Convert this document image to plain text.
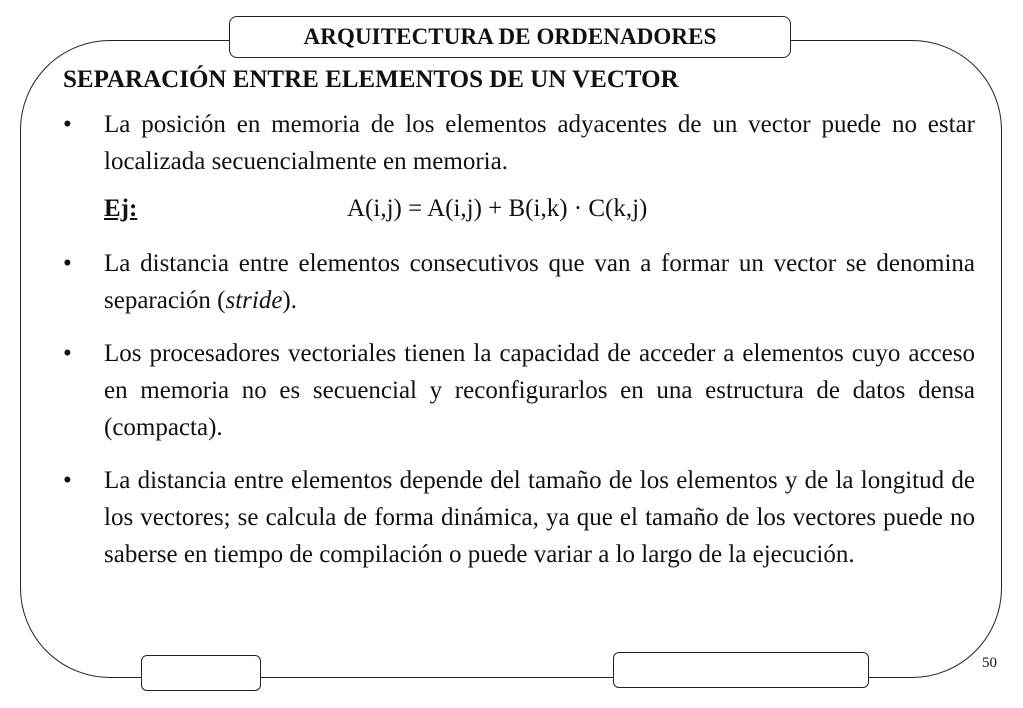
ARQUITECTURA DE ORDENADORES
SEPARACIÓN ENTRE ELEMENTOS DE UN VECTOR

• La posición en memoria de los elementos adyacentes de un vector puede no estar localizada secuencialmente en memoria.

Ej:	A(i,j) = A(i,j) + B(i,k) · C(k,j)

• La distancia entre elementos consecutivos que van a formar un vector se denomina separación (stride).

• Los procesadores vectoriales tienen la capacidad de acceder a elementos cuyo acceso en memoria no es secuencial y reconfigurarlos en una estructura de datos densa (compacta).

• La distancia entre elementos depende del tamaño de los elementos y de la longitud de los vectores; se calcula de forma dinámica, ya que el tamaño de los vectores puede no saberse en tiempo de compilación o puede variar a lo largo de la ejecución.

50
